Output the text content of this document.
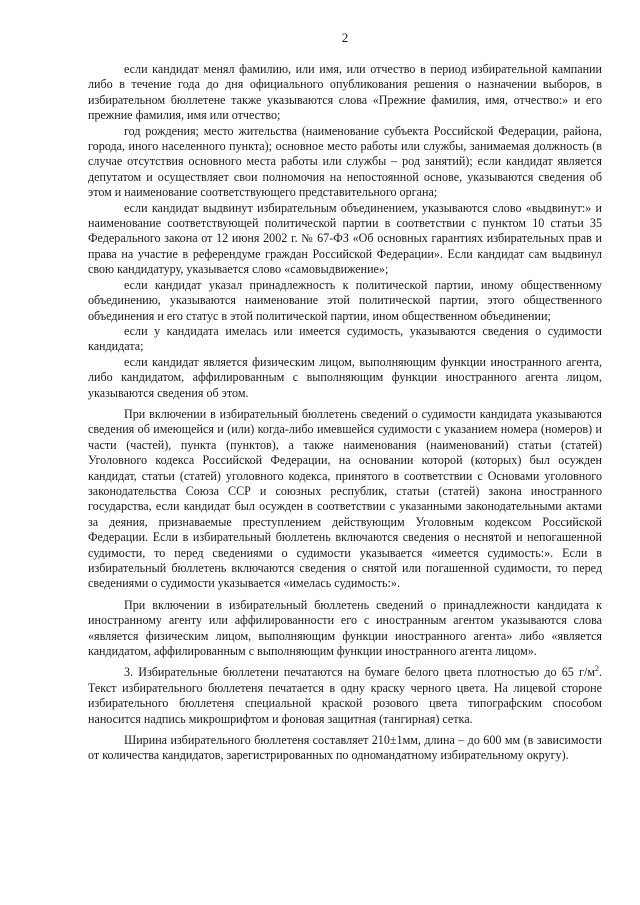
2

если кандидат менял фамилию, или имя, или отчество в период избирательной кампании либо в течение года до дня официального опубликования решения о назначении выборов, в избирательном бюллетене также указываются слова «Прежние фамилия, имя, отчество:» и его прежние фамилия, имя или отчество;

год рождения; место жительства (наименование субъекта Российской Федерации, района, города, иного населенного пункта); основное место работы или службы, занимаемая должность (в случае отсутствия основного места работы или службы – род занятий); если кандидат является депутатом и осуществляет свои полномочия на непостоянной основе, указываются сведения об этом и наименование соответствующего представительного органа;

если кандидат выдвинут избирательным объединением, указываются слово «выдвинут:» и наименование соответствующей политической партии в соответствии с пунктом 10 статьи 35 Федерального закона от 12 июня 2002 г. № 67-ФЗ «Об основных гарантиях избирательных прав и права на участие в референдуме граждан Российской Федерации». Если кандидат сам выдвинул свою кандидатуру, указывается слово «самовыдвижение»;

если кандидат указал принадлежность к политической партии, иному общественному объединению, указываются наименование этой политической партии, этого общественного объединения и его статус в этой политической партии, ином общественном объединении;

если у кандидата имелась или имеется судимость, указываются сведения о судимости кандидата;

если кандидат является физическим лицом, выполняющим функции иностранного агента, либо кандидатом, аффилированным с выполняющим функции иностранного агента лицом, указываются сведения об этом.

При включении в избирательный бюллетень сведений о судимости кандидата указываются сведения об имеющейся и (или) когда-либо имевшейся судимости с указанием номера (номеров) и части (частей), пункта (пунктов), а также наименования (наименований) статьи (статей) Уголовного кодекса Российской Федерации, на основании которой (которых) был осужден кандидат, статьи (статей) уголовного кодекса, принятого в соответствии с Основами уголовного законодательства Союза ССР и союзных республик, статьи (статей) закона иностранного государства, если кандидат был осужден в соответствии с указанными законодательными актами за деяния, признаваемые преступлением действующим Уголовным кодексом Российской Федерации. Если в избирательный бюллетень включаются сведения о неснятой и непогашенной судимости, то перед сведениями о судимости указывается «имеется судимость:». Если в избирательный бюллетень включаются сведения о снятой или погашенной судимости, то перед сведениями о судимости указывается «имелась судимость:».

При включении в избирательный бюллетень сведений о принадлежности кандидата к иностранному агенту или аффилированности его с иностранным агентом указываются слова «является физическим лицом, выполняющим функции иностранного агента» либо «является кандидатом, аффилированным с выполняющим функции иностранного агента лицом».

3. Избирательные бюллетени печатаются на бумаге белого цвета плотностью до 65 $г/м^2$. Текст избирательного бюллетеня печатается в одну краску черного цвета. На лицевой стороне избирательного бюллетеня специальной краской розового цвета типографским способом наносится надпись микрошрифтом и фоновая защитная (тангирная) сетка.

Ширина избирательного бюллетеня составляет 210±1мм, длина – до 600 мм (в зависимости от количества кандидатов, зарегистрированных по одномандатному избирательному округу).
